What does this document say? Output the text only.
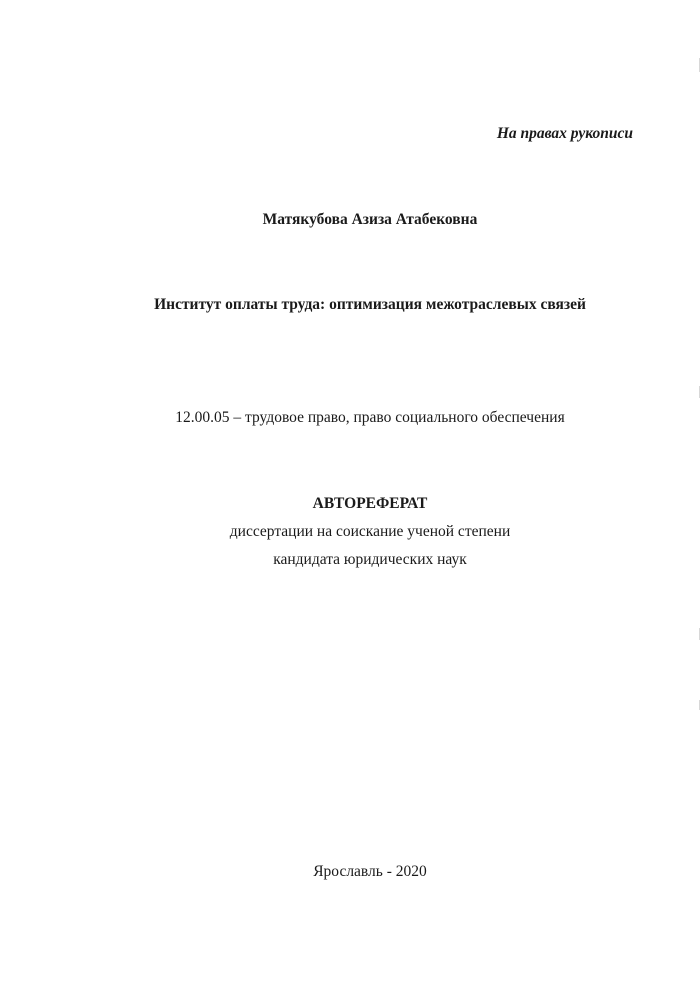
На правах рукописи
Матякубова Азиза Атабековна
Институт оплаты труда: оптимизация межотраслевых связей
12.00.05 – трудовое право, право социального обеспечения
АВТОРЕФЕРАТ
диссертации на соискание ученой степени
кандидата юридических наук
Ярославль - 2020
